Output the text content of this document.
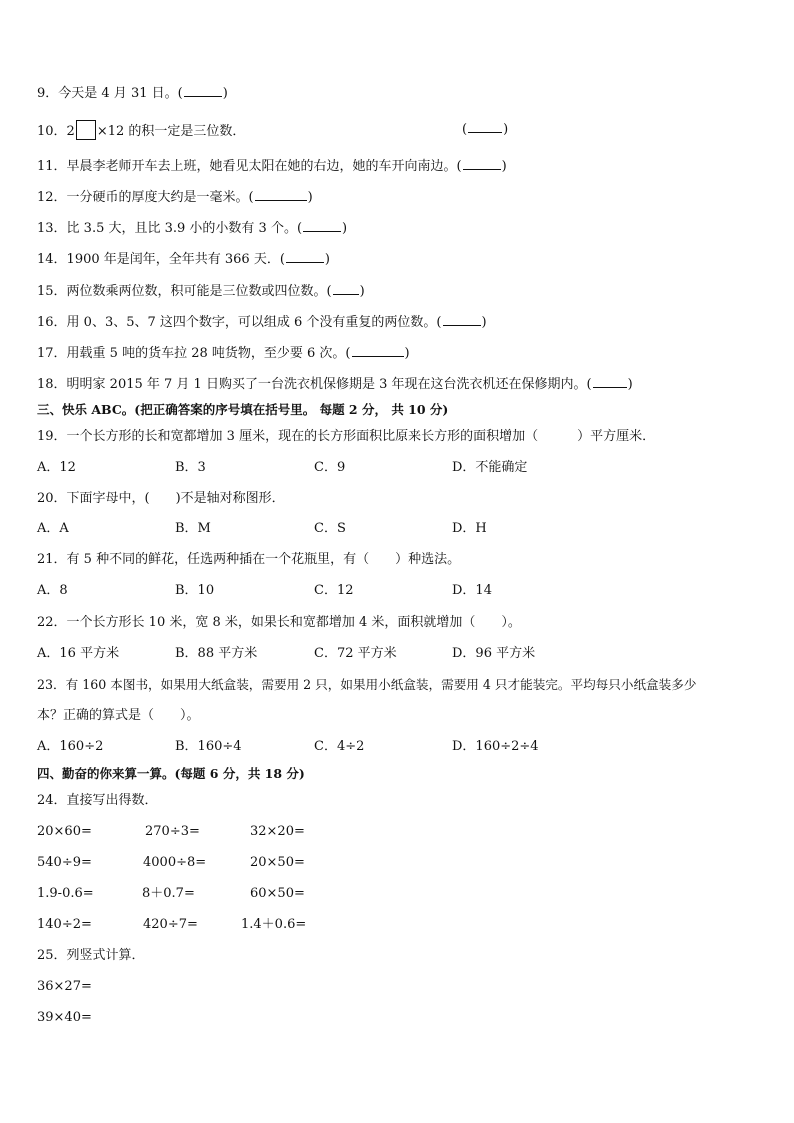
9．今天是 4 月 31 日。(	)

10．2 ×12 的积一定是三位数．	(	)

11．早晨李老师开车去上班，她看见太阳在她的右边，她的车开向南边。(	)

12．一分硬币的厚度大约是一毫米。(	)

13．比 3.5 大，且比 3.9 小的小数有 3 个。(	)

14．1900 年是闰年，全年共有 366 天．(	)

15．两位数乘两位数，积可能是三位数或四位数。( )

16．用 0、3、5、7 这四个数字，可以组成 6 个没有重复的两位数。(	)

17．用载重 5 吨的货车拉 28 吨货物，至少要 6 次。(	)

18．明明家 2015 年 7 月 1 日购买了一台洗衣机保修期是 3 年现在这台洗衣机还在保修期内。(	)

三、快乐 ABC。(把正确答案的序号填在括号里。 每题 2 分， 共 10 分)

19．一个长方形的长和宽都增加 3 厘米，现在的长方形面积比原来长方形的面积增加（　　　）平方厘米．

A．12	B．3	C．9	D．不能确定

20．下面字母中，(　　)不是轴对称图形．

A．A	B．M	C．S	D．H

21．有 5 种不同的鲜花，任选两种插在一个花瓶里，有（　　）种选法。

A．8	B．10	C．12	D．14

22．一个长方形长 10 米，宽 8 米，如果长和宽都增加 4 米，面积就增加（　　）。

A．16 平方米	B．88 平方米	C．72 平方米	D．96 平方米

23．有 160 本图书，如果用大纸盒装，需要用 2 只，如果用小纸盒装，需要用 4 只才能装完。平均每只小纸盒装多少

本？正确的算式是（　　）。

A．160÷2	B．160÷4	C．4÷2	D．160÷2÷4

四、勤奋的你来算一算。(每题 6 分，共 18 分)

24．直接写出得数．

20×60=	270÷3=	32×20=
540÷9=	4000÷8=	20×50=
1.9-0.6=	8＋0.7=	60×50=
140÷2=	420÷7=	1.4＋0.6=

25．列竖式计算．

36×27=
39×40=
